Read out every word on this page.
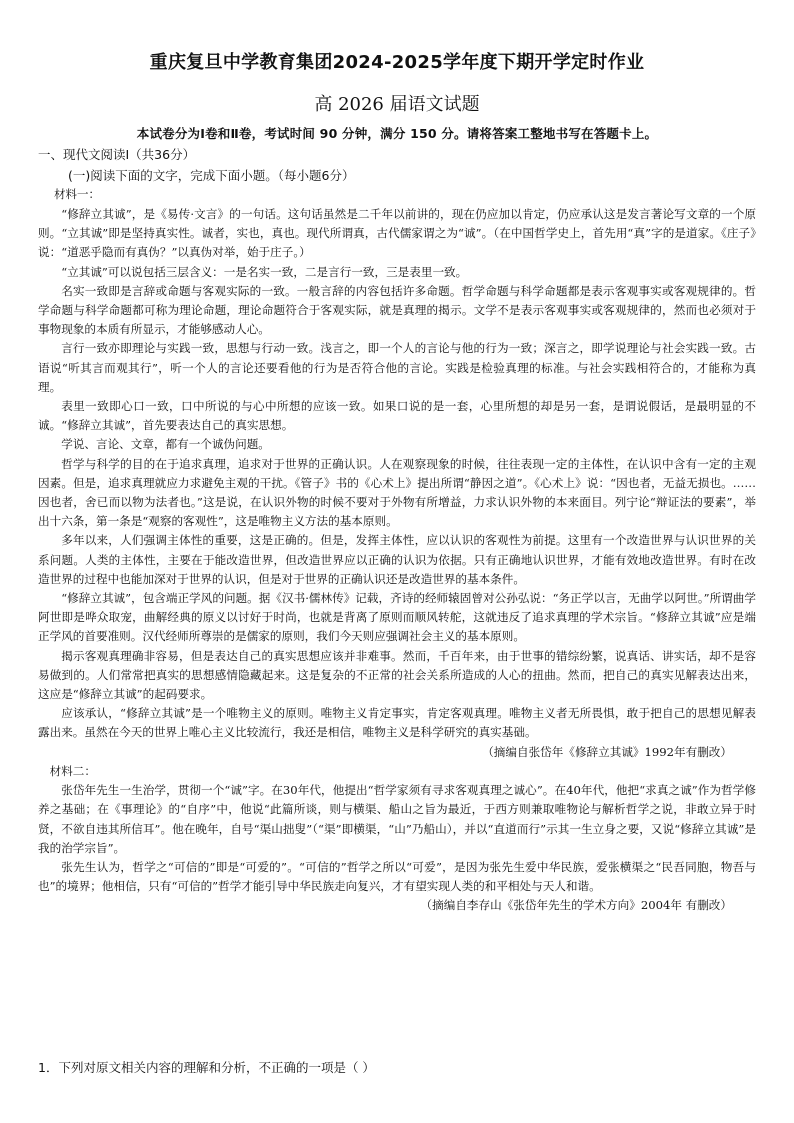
重庆复旦中学教育集团2024-2025学年度下期开学定时作业
高 2026 届语文试题
本试卷分为Ⅰ卷和Ⅱ卷，考试时间 90 分钟，满分 150 分。请将答案工整地书写在答题卡上。
一、现代文阅读Ⅰ（共36分）
(一)阅读下面的文字，完成下面小题。（每小题6分）
材料一：

“修辞立其诚”，是《易传·文言》的一句话。这句话虽然是二千年以前讲的，现在仍应加以肯定，仍应承认这是发言著论写文章的一个原则。“立其诚”即是坚持真实性。诚者，实也，真也。现代所谓真，古代儒家谓之为“诚”。（在中国哲学史上，首先用“真”字的是道家。《庄子》说：“道恶乎隐而有真伪？”以真伪对举，始于庄子。）

“立其诚”可以说包括三层含义：一是名实一致，二是言行一致，三是表里一致。

名实一致即是言辞或命题与客观实际的一致。一般言辞的内容包括许多命题。哲学命题与科学命题都是表示客观事实或客观规律的。哲学命题与科学命题都可称为理论命题，理论命题符合于客观实际，就是真理的揭示。文学不是表示客观事实或客观规律的，然而也必须对于事物现象的本质有所显示，才能够感动人心。

言行一致亦即理论与实践一致，思想与行动一致。浅言之，即一个人的言论与他的行为一致；深言之，即学说理论与社会实践一致。古语说“听其言而观其行”，听一个人的言论还要看他的行为是否符合他的言论。实践是检验真理的标准。与社会实践相符合的，才能称为真理。

表里一致即心口一致，口中所说的与心中所想的应该一致。如果口说的是一套，心里所想的却是另一套，是谓说假话，是最明显的不诚。“修辞立其诚”，首先要表达自己的真实思想。

学说、言论、文章，都有一个诚伪问题。

哲学与科学的目的在于追求真理，追求对于世界的正确认识。人在观察现象的时候，往往表现一定的主体性，在认识中含有一定的主观因素。但是，追求真理就应力求避免主观的干扰。《管子》书的《心术上》提出所谓“静因之道”。《心术上》说：“因也者，无益无损也。……因也者，舍已而以物为法者也。”这是说，在认识外物的时候不要对于外物有所增益，力求认识外物的本来面目。列宁论“辩证法的要素”，举出十六条，第一条是“观察的客观性”，这是唯物主义方法的基本原则。

多年以来，人们强调主体性的重要，这是正确的。但是，发挥主体性，应以认识的客观性为前提。这里有一个改造世界与认识世界的关系问题。人类的主体性，主要在于能改造世界，但改造世界应以正确的认识为依据。只有正确地认识世界，才能有效地改造世界。有时在改造世界的过程中也能加深对于世界的认识，但是对于世界的正确认识还是改造世界的基本条件。

“修辞立其诚”，包含端正学风的问题。据《汉书·儒林传》记载，齐诗的经师辕固曾对公孙弘说：“务正学以言，无曲学以阿世。”所谓曲学阿世即是哗众取宠，曲解经典的原义以讨好于时尚，也就是背离了原则而顺风转舵，这就违反了追求真理的学术宗旨。“修辞立其诚”应是端正学风的首要准则。汉代经师所尊崇的是儒家的原则，我们今天则应强调社会主义的基本原则。

揭示客观真理确非容易，但是表达自己的真实思想应该并非难事。然而，千百年来，由于世事的错综纷繁，说真话、讲实话，却不是容易做到的。人们常常把真实的思想感情隐藏起来。这是复杂的不正常的社会关系所造成的人心的扭曲。然而，把自己的真实见解表达出来，这应是“修辞立其诚”的起码要求。

应该承认，“修辞立其诚”是一个唯物主义的原则。唯物主义肯定事实，肯定客观真理。唯物主义者无所畏惧，敢于把自己的思想见解表露出来。虽然在今天的世界上唯心主义比较流行，我还是相信，唯物主义是科学研究的真实基础。

（摘编自张岱年《修辞立其诚》1992年有删改）

材料二：

张岱年先生一生治学，贯彻一个“诚”字。在30年代，他提出“哲学家须有寻求客观真理之诚心”。在40年代，他把“求真之诚”作为哲学修养之基础；在《事理论》的“自序”中，他说“此篇所谈，则与横渠、船山之旨为最近，于西方则兼取唯物论与解析哲学之说，非敢立异于时贤，不欲自违其所信耳”。他在晚年，自号“渠山拙叟”（“渠”即横渠，“山”乃船山），并以“直道而行”示其一生立身之要，又说“修辞立其诚”是我的治学宗旨”。

张先生认为，哲学之“可信的”即是“可爱的”。“可信的”哲学之所以“可爱”，是因为张先生爱中华民族，爱张横渠之“民吾同胞，物吾与也”的境界；他相信，只有“可信的”哲学才能引导中华民族走向复兴，才有望实现人类的和平相处与天人和谐。

（摘编自李存山《张岱年先生的学术方向》2004年 有删改）

1．下列对原文相关内容的理解和分析，不正确的一项是（ ）
